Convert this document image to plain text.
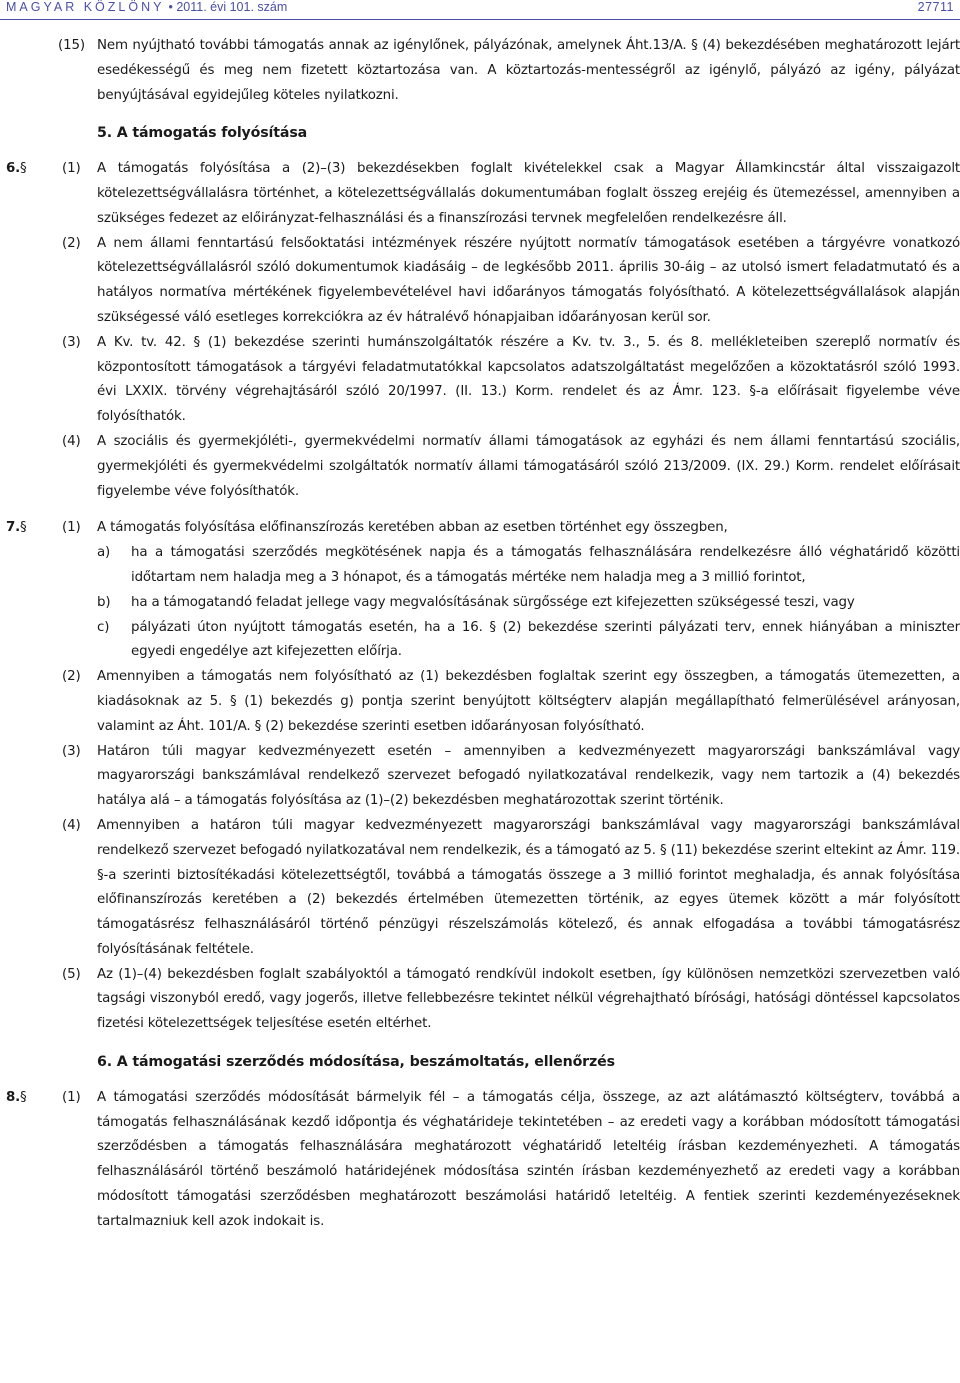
MAGYAR KÖZLÖNY • 2011. évi 101. szám	27711
(15) Nem nyújtható további támogatás annak az igénylőnek, pályázónak, amelynek Áht.13/A. § (4) bekezdésében meghatározott lejárt esedékességű és meg nem fizetett köztartozása van. A köztartozás-mentességről az igénylő, pályázó az igény, pályázat benyújtásával egyidejűleg köteles nyilatkozni.
5. A támogatás folyósítása
6. §	(1) A támogatás folyósítása a (2)–(3) bekezdésekben foglalt kivételekkel csak a Magyar Államkincstár által visszaigazolt kötelezettségvállalásra történhet, a kötelezettségvállalás dokumentumában foglalt összeg erejéig és ütemezéssel, amennyiben a szükséges fedezet az előirányzat-felhasználási és a finanszírozási tervnek megfelelően rendelkezésre áll.
(2) A nem állami fenntartású felsőoktatási intézmények részére nyújtott normatív támogatások esetében a tárgyévre vonatkozó kötelezettségvállalásról szóló dokumentumok kiadásáig – de legkésőbb 2011. április 30-áig – az utolsó ismert feladatmutató és a hatályos normatíva mértékének figyelembevételével havi időarányos támogatás folyósítható. A kötelezettségvállalások alapján szükségessé váló esetleges korrekciókra az év hátralévő hónapjaiban időarányosan kerül sor.
(3) A Kv. tv. 42. § (1) bekezdése szerinti humánszolgáltatók részére a Kv. tv. 3., 5. és 8. mellékleteiben szereplő normatív és központosított támogatások a tárgyévi feladatmutatókkal kapcsolatos adatszolgáltatást megelőzően a közoktatásról szóló 1993. évi LXXIX. törvény végrehajtásáról szóló 20/1997. (II. 13.) Korm. rendelet és az Ámr. 123. §-a előírásait figyelembe véve folyósíthatók.
(4) A szociális és gyermekjóléti-, gyermekvédelmi normatív állami támogatások az egyházi és nem állami fenntartású szociális, gyermekjóléti és gyermekvédelmi szolgáltatók normatív állami támogatásáról szóló 213/2009. (IX. 29.) Korm. rendelet előírásait figyelembe véve folyósíthatók.
7. §	(1) A támogatás folyósítása előfinanszírozás keretében abban az esetben történhet egy összegben,
a) ha a támogatási szerződés megkötésének napja és a támogatás felhasználására rendelkezésre álló véghatáridő közötti időtartam nem haladja meg a 3 hónapot, és a támogatás mértéke nem haladja meg a 3 millió forintot,
b) ha a támogatandó feladat jellege vagy megvalósításának sürgőssége ezt kifejezetten szükségessé teszi, vagy
c) pályázati úton nyújtott támogatás esetén, ha a 16. § (2) bekezdése szerinti pályázati terv, ennek hiányában a miniszter egyedi engedélye azt kifejezetten előírja.
(2) Amennyiben a támogatás nem folyósítható az (1) bekezdésben foglaltak szerint egy összegben, a támogatás ütemezetten, a kiadásoknak az 5. § (1) bekezdés g) pontja szerint benyújtott költségterv alapján megállapítható felmerülésével arányosan, valamint az Áht. 101/A. § (2) bekezdése szerinti esetben időarányosan folyósítható.
(3) Határon túli magyar kedvezményezett esetén – amennyiben a kedvezményezett magyarországi bankszámlával vagy magyarországi bankszámlával rendelkező szervezet befogadó nyilatkozatával rendelkezik, vagy nem tartozik a (4) bekezdés hatálya alá – a támogatás folyósítása az (1)–(2) bekezdésben meghatározottak szerint történik.
(4) Amennyiben a határon túli magyar kedvezményezett magyarországi bankszámlával vagy magyarországi bankszámlával rendelkező szervezet befogadó nyilatkozatával nem rendelkezik, és a támogató az 5. § (11) bekezdése szerint eltekint az Ámr. 119. §-a szerinti biztosítékadási kötelezettségtől, továbbá a támogatás összege a 3 millió forintot meghaladja, és annak folyósítása előfinanszírozás keretében a (2) bekezdés értelmében ütemezetten történik, az egyes ütemek között a már folyósított támogatásrész felhasználásáról történő pénzügyi részelszámolás kötelező, és annak elfogadása a további támogatásrész folyósításának feltétele.
(5) Az (1)–(4) bekezdésben foglalt szabályoktól a támogató rendkívül indokolt esetben, így különösen nemzetközi szervezetben való tagsági viszonyból eredő, vagy jogerős, illetve fellebbezésre tekintet nélkül végrehajtható bírósági, hatósági döntéssel kapcsolatos fizetési kötelezettségek teljesítése esetén eltérhet.
6. A támogatási szerződés módosítása, beszámoltatás, ellenőrzés
8. §	(1) A támogatási szerződés módosítását bármelyik fél – a támogatás célja, összege, az azt alátámasztó költségterv, továbbá a támogatás felhasználásának kezdő időpontja és véghatárideje tekintetében – az eredeti vagy a korábban módosított támogatási szerződésben a támogatás felhasználására meghatározott véghatáridő leteltéig írásban kezdeményezheti. A támogatás felhasználásáról történő beszámoló határidejének módosítása szintén írásban kezdeményezhető az eredeti vagy a korábban módosított támogatási szerződésben meghatározott beszámolási határidő leteltéig. A fentiek szerinti kezdeményezéseknek tartalmazniuk kell azok indokait is.
